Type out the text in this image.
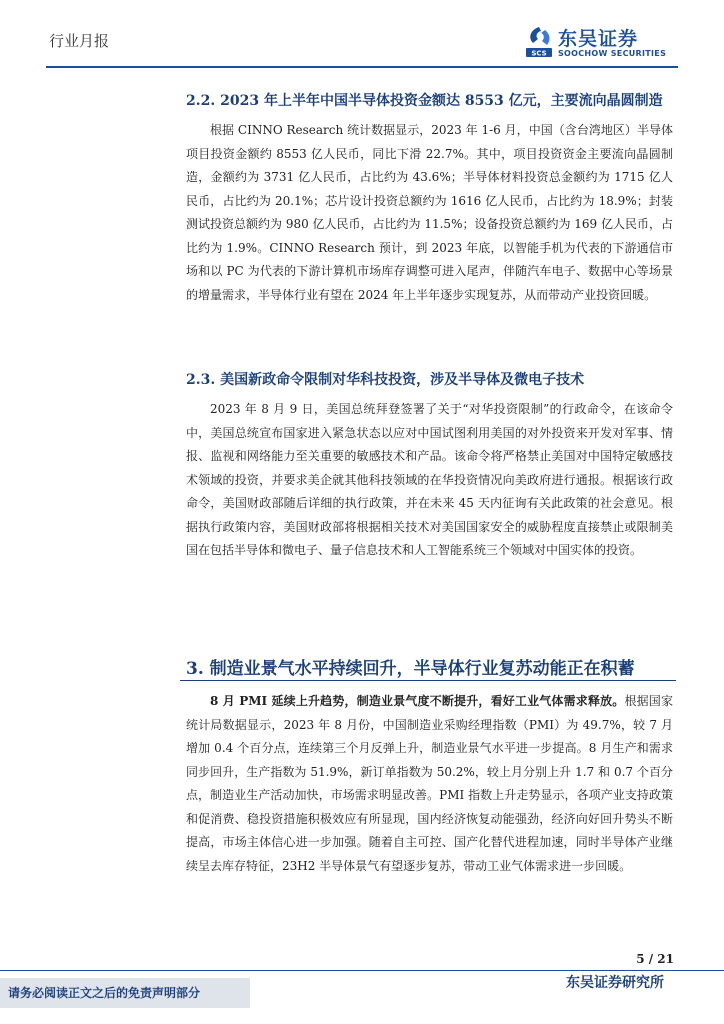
行业月报
SCS
东吴证券
SOOCHOW SECURITIES
2.2. 2023 年上半年中国半导体投资金额达 8553 亿元，主要流向晶圆制造

根据 CINNO Research 统计数据显示，2023 年 1-6 月，中国（含台湾地区）半导体项目投资金额约 8553 亿人民币，同比下滑 22.7%。其中，项目投资资金主要流向晶圆制造，金额约为 3731 亿人民币，占比约为 43.6%；半导体材料投资总金额约为 1715 亿人民币，占比约为 20.1%；芯片设计投资总额约为 1616 亿人民币，占比约为 18.9%；封装测试投资总额约为 980 亿人民币，占比约为 11.5%；设备投资总额约为 169 亿人民币，占比约为 1.9%。CINNO Research 预计，到 2023 年底，以智能手机为代表的下游通信市场和以 PC 为代表的下游计算机市场库存调整可进入尾声，伴随汽车电子、数据中心等场景的增量需求，半导体行业有望在 2024 年上半年逐步实现复苏，从而带动产业投资回暖。

2.3. 美国新政命令限制对华科技投资，涉及半导体及微电子技术

2023 年 8 月 9 日，美国总统拜登签署了关于“对华投资限制”的行政命令，在该命令中，美国总统宣布国家进入紧急状态以应对中国试图利用美国的对外投资来开发对军事、情报、监视和网络能力至关重要的敏感技术和产品。该命令将严格禁止美国对中国特定敏感技术领域的投资，并要求美企就其他科技领域的在华投资情况向美政府进行通报。根据该行政命令，美国财政部随后详细的执行政策，并在未来 45 天内征询有关此政策的社会意见。根据执行政策内容，美国财政部将根据相关技术对美国国家安全的威胁程度直接禁止或限制美国在包括半导体和微电子、量子信息技术和人工智能系统三个领域对中国实体的投资。

3. 制造业景气水平持续回升，半导体行业复苏动能正在积蓄

8 月 PMI 延续上升趋势，制造业景气度不断提升，看好工业气体需求释放。根据国家统计局数据显示，2023 年 8 月份，中国制造业采购经理指数（PMI）为 49.7%，较 7 月增加 0.4 个百分点，连续第三个月反弹上升，制造业景气水平进一步提高。8 月生产和需求同步回升，生产指数为 51.9%，新订单指数为 50.2%，较上月分别上升 1.7 和 0.7 个百分点，制造业生产活动加快，市场需求明显改善。PMI 指数上升走势显示，各项产业支持政策和促消费、稳投资措施积极效应有所显现，国内经济恢复动能强劲，经济向好回升势头不断提高，市场主体信心进一步加强。随着自主可控、国产化替代进程加速，同时半导体产业继续呈去库存特征，23H2 半导体景气有望逐步复苏，带动工业气体需求进一步回暖。

5 / 21
请务必阅读正文之后的免责声明部分
东吴证券研究所
